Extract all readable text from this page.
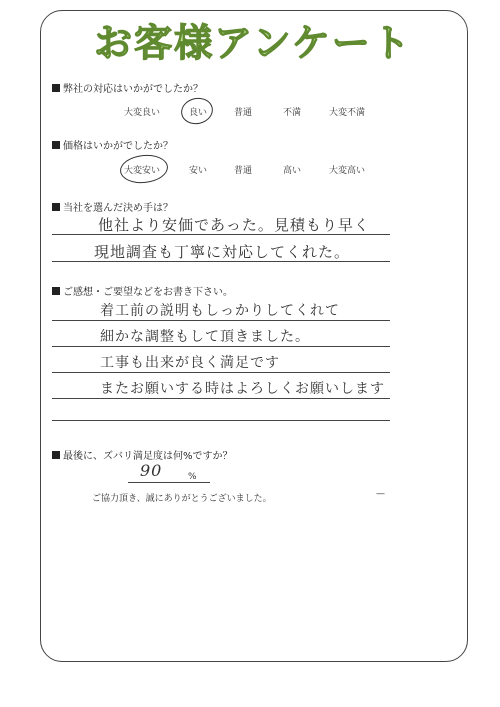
お客様アンケート
弊社の対応はいかがでしたか？
大変良い	良い	普通	不満	大変不満
価格はいかがでしたか？
大変安い	安い	普通	高い	大変高い
当社を選んだ決め手は？
他社より安価であった。見積もり早く
現地調査も丁寧に対応してくれた。
ご感想・ご要望などをお書き下さい。
着工前の説明もしっかりしてくれて
細かな調整もして頂きました。
工事も出来が良く満足です
またお願いする時はよろしくお願いします
最後に、ズバリ満足度は何%ですか？
90	%
ご協力頂き、誠にありがとうございました。	—
